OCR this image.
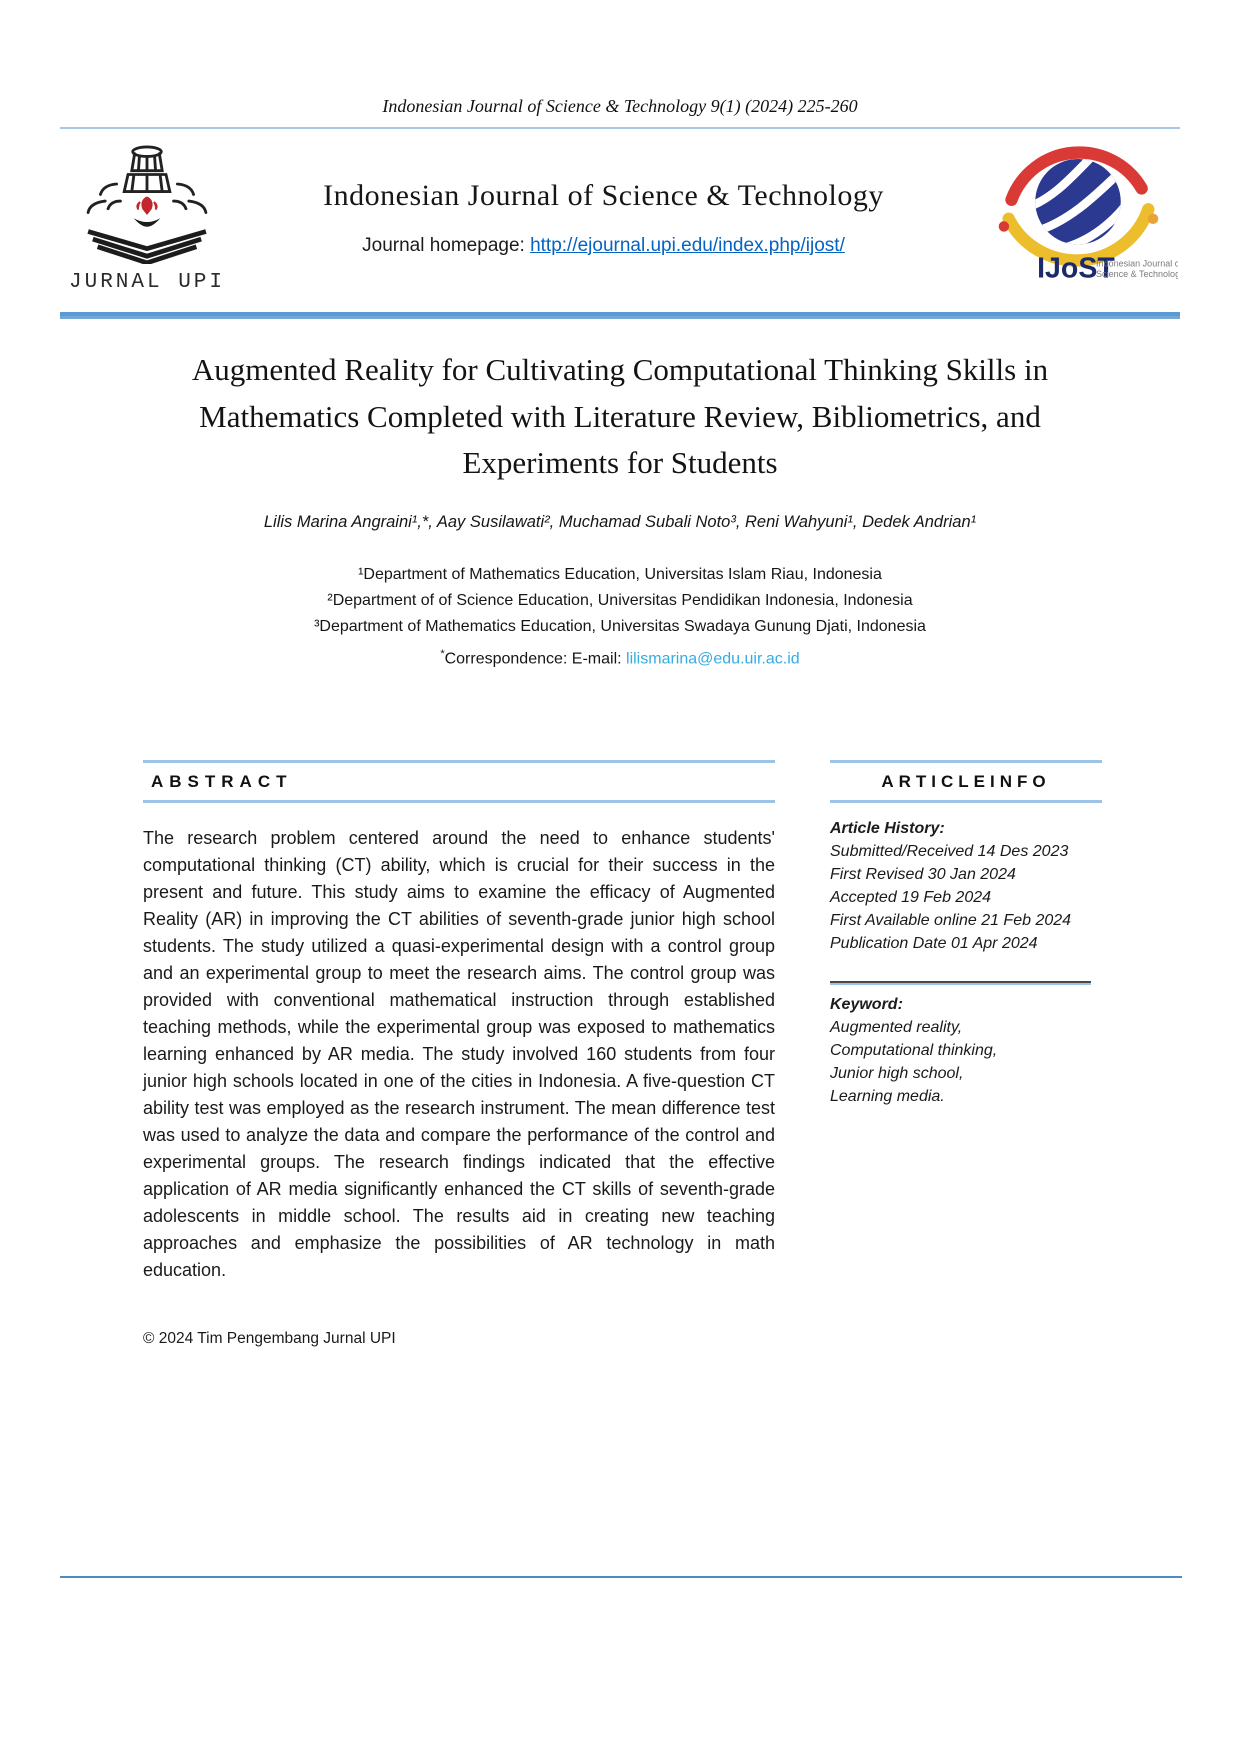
Indonesian Journal of Science & Technology 9(1) (2024) 225-260
JURNAL UPI
Indonesian Journal of Science & Technology
Journal homepage: http://ejournal.upi.edu/index.php/ijost/
IJoST
Indonesian Journal of
Science & Technology
Augmented Reality for Cultivating Computational Thinking Skills in Mathematics Completed with Literature Review, Bibliometrics, and Experiments for Students
Lilis Marina Angraini¹,*, Aay Susilawati², Muchamad Subali Noto³, Reni Wahyuni¹, Dedek Andrian¹
¹Department of Mathematics Education, Universitas Islam Riau, Indonesia
²Department of of Science Education, Universitas Pendidikan Indonesia, Indonesia
³Department of Mathematics Education, Universitas Swadaya Gunung Djati, Indonesia
*Correspondence: E-mail: lilismarina@edu.uir.ac.id
ABSTRACT
The research problem centered around the need to enhance students' computational thinking (CT) ability, which is crucial for their success in the present and future. This study aims to examine the efficacy of Augmented Reality (AR) in improving the CT abilities of seventh-grade junior high school students. The study utilized a quasi-experimental design with a control group and an experimental group to meet the research aims. The control group was provided with conventional mathematical instruction through established teaching methods, while the experimental group was exposed to mathematics learning enhanced by AR media. The study involved 160 students from four junior high schools located in one of the cities in Indonesia. A five-question CT ability test was employed as the research instrument. The mean difference test was used to analyze the data and compare the performance of the control and experimental groups. The research findings indicated that the effective application of AR media significantly enhanced the CT skills of seventh-grade adolescents in middle school. The results aid in creating new teaching approaches and emphasize the possibilities of AR technology in math education.
© 2024 Tim Pengembang Jurnal UPI
ARTICLEINFO
Article History:
Submitted/Received 14 Des 2023
First Revised 30 Jan 2024
Accepted 19 Feb 2024
First Available online 21 Feb 2024
Publication Date 01 Apr 2024
Keyword:
Augmented reality,
Computational thinking,
Junior high school,
Learning media.
